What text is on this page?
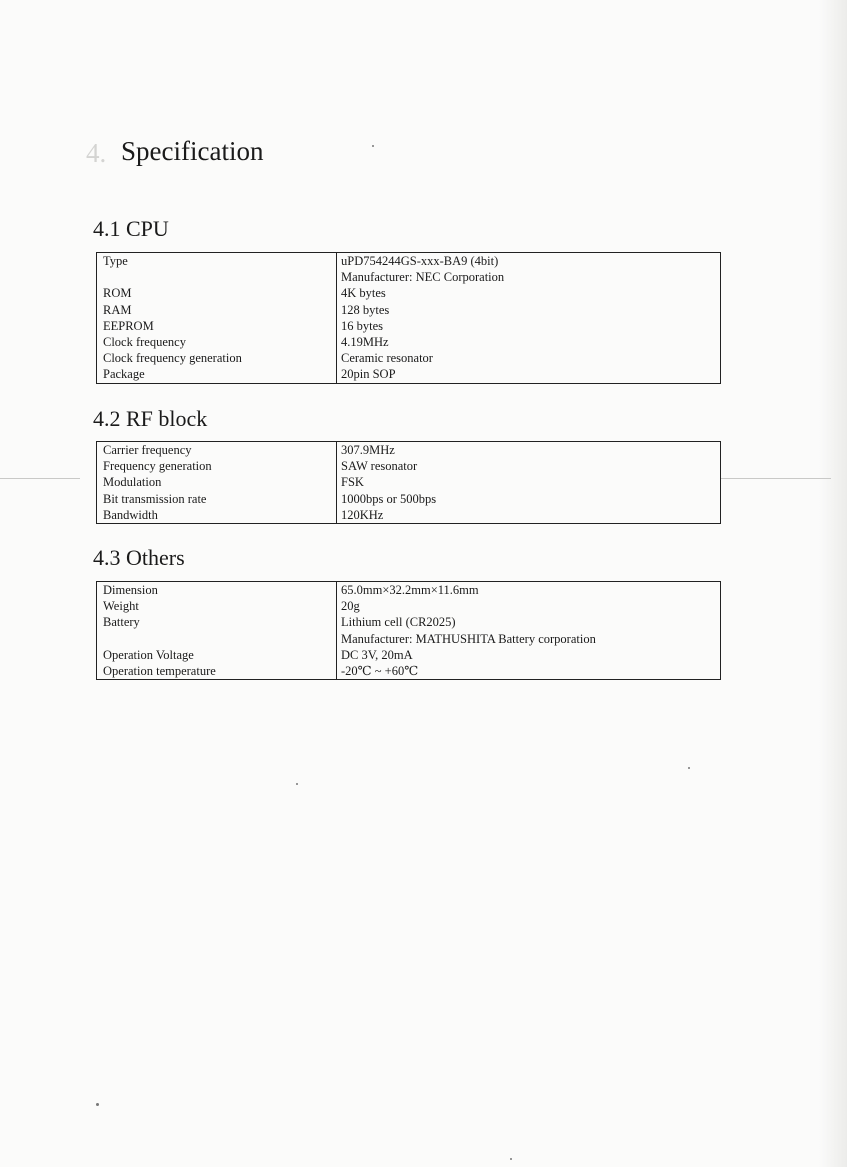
4. Specification
4.1 CPU
Type
ROM
RAM
EEPROM
Clock frequency
Clock frequency generation
Package
uPD754244GS-xxx-BA9 (4bit)
Manufacturer: NEC Corporation
4K bytes
128 bytes
16 bytes
4.19MHz
Ceramic resonator
20pin SOP
4.2 RF block
Carrier frequency
Frequency generation
Modulation
Bit transmission rate
Bandwidth
307.9MHz
SAW resonator
FSK
1000bps or 500bps
120KHz
4.3 Others
Dimension
Weight
Battery
Operation Voltage
Operation temperature
65.0mm×32.2mm×11.6mm
20g
Lithium cell (CR2025)
Manufacturer: MATHUSHITA Battery corporation
DC 3V, 20mA
-20℃ ~ +60℃
